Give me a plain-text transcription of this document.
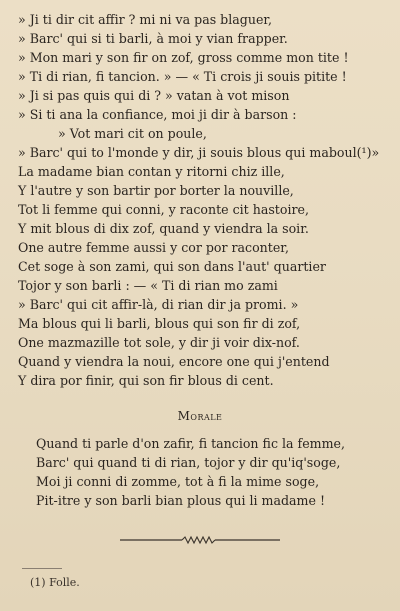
» Ji ti dir cit affir ? mi ni va pas blaguer,
» Barc' qui si ti barli, à moi y vian frapper.
» Mon mari y son fir on zof, gross comme mon tite !
» Ti di rian, fi tancion. » — « Ti crois ji souis pitite !
» Ji si pas quis qui di ? » vatan à vot mison
» Si ti ana la confiance, moi ji dir à barson :
» Vot mari cit on poule,
» Barc' qui to l'monde y dir, ji souis blous qui maboul(¹)»
La madame bian contan y ritorni chiz ille,
Y l'autre y son bartir por borter la nouville,
Tot li femme qui conni, y raconte cit hastoire,
Y mit blous di dix zof, quand y viendra la soir.
One autre femme aussi y cor por raconter,
Cet soge à son zami, qui son dans l'aut' quartier
Tojor y son barli : — « Ti di rian mo zami
» Barc' qui cit affir-là, di rian dir ja promi. »
Ma blous qui li barli, blous qui son fir di zof,
One mazmazille tot sole, y dir ji voir dix-nof.
Quand y viendra la noui, encore one qui j'entend
Y dira por finir, qui son fir blous di cent.
Morale
Quand ti parle d'on zafir, fi tancion fic la femme,
Barc' qui quand ti di rian, tojor y dir qu'iq'soge,
Moi ji conni di zomme, tot à fi la mime soge,
Pit-itre y son barli bian plous qui li madame !
(1) Folle.
